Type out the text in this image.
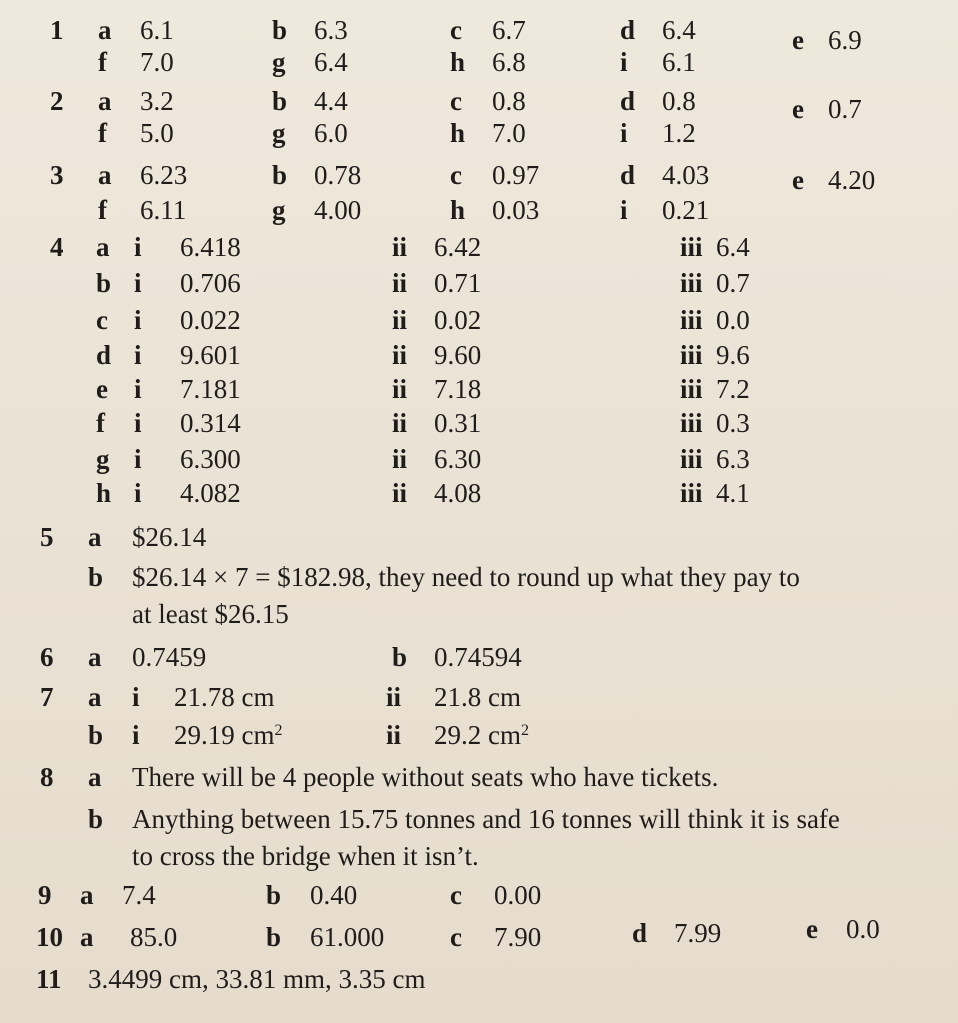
1 a 6.1	b 6.3	c 6.7	d 6.4	e 6.9
f 7.0	g 6.4	h 6.8	i 6.1
2 a 3.2	b 4.4	c 0.8	d 0.8	e 0.7
f 5.0	g 6.0	h 7.0	i 1.2
3 a 6.23	b 0.78	c 0.97	d 4.03	e 4.20
f 6.11	g 4.00	h 0.03	i 0.21
4 a i 6.418	ii 6.42	iii 6.4
b i 0.706	ii 0.71	iii 0.7
c i 0.022	ii 0.02	iii 0.0
d i 9.601	ii 9.60	iii 9.6
e i 7.181	ii 7.18	iii 7.2
f i 0.314	ii 0.31	iii 0.3
g i 6.300	ii 6.30	iii 6.3
h i 4.082	ii 4.08	iii 4.1
5 a $26.14
b $26.14 × 7 = $182.98, they need to round up what they pay to
at least $26.15
6 a 0.7459	b 0.74594
7 a i 21.78 cm	ii 21.8 cm
b i 29.19 $cm^2$	ii 29.2 $cm^2$
8 a There will be 4 people without seats who have tickets.
b Anything between 15.75 tonnes and 16 tonnes will think it is safe
to cross the bridge when it isn’t.
9 a 7.4	b 0.40	c 0.00
10 a 85.0	b 61.000 c 7.90	d 7.99	e 0.0
11 3.4499 cm, 33.81 mm, 3.35 cm
